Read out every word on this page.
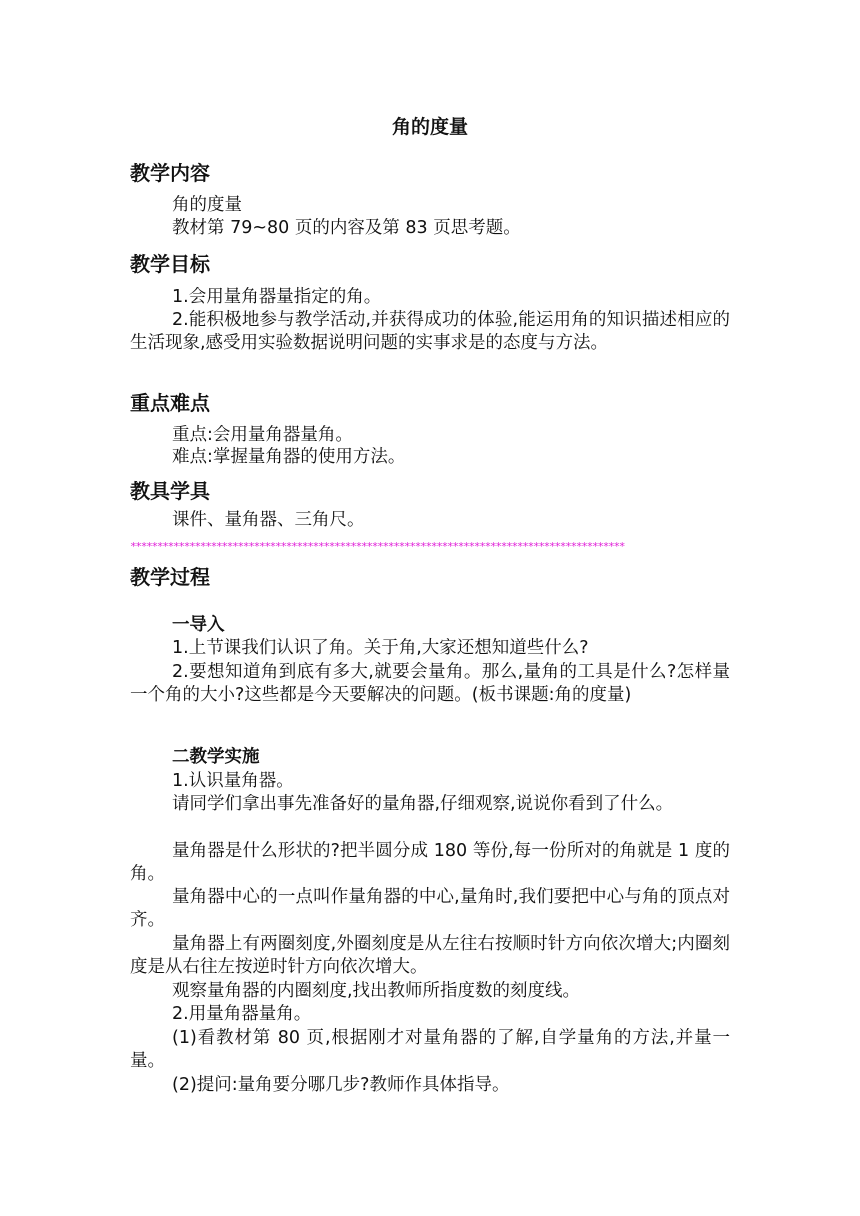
角的度量
教学内容
角的度量
教材第 79~80 页的内容及第 83 页思考题。
教学目标
1.会用量角器量指定的角。
2.能积极地参与教学活动,并获得成功的体验,能运用角的知识描述相应的生活现象,感受用实验数据说明问题的实事求是的态度与方法。
重点难点
重点:会用量角器量角。
难点:掌握量角器的使用方法。
教具学具
课件、量角器、三角尺。
********************************************************************************************
教学过程
一导入
1.上节课我们认识了角。关于角,大家还想知道些什么?
2.要想知道角到底有多大,就要会量角。那么,量角的工具是什么?怎样量一个角的大小?这些都是今天要解决的问题。(板书课题:角的度量)
二教学实施
1.认识量角器。
请同学们拿出事先准备好的量角器,仔细观察,说说你看到了什么。
量角器是什么形状的?把半圆分成 180 等份,每一份所对的角就是 1 度的角。
量角器中心的一点叫作量角器的中心,量角时,我们要把中心与角的顶点对齐。
量角器上有两圈刻度,外圈刻度是从左往右按顺时针方向依次增大;内圈刻度是从右往左按逆时针方向依次增大。
观察量角器的内圈刻度,找出教师所指度数的刻度线。
2.用量角器量角。
(1)看教材第 80 页,根据刚才对量角器的了解,自学量角的方法,并量一量。
(2)提问:量角要分哪几步?教师作具体指导。
